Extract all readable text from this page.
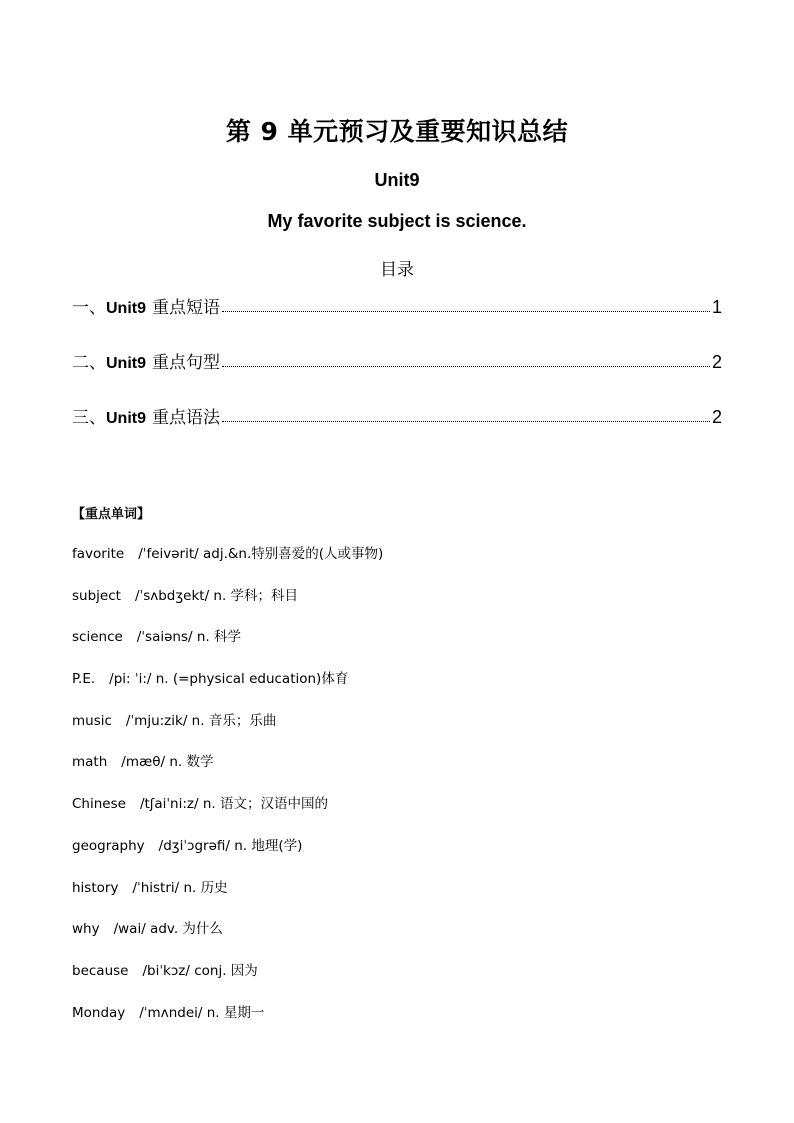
第 9 单元预习及重要知识总结
Unit9
My favorite subject is science.
目录
一、 Unit9 重点短语	1
二、 Unit9 重点句型	2
三、 Unit9 重点语法	2
【重点单词】
favorite /ˈfeivərit/ adj.&n.特别喜爱的(人或事物)
subject /ˈsʌbdʒekt/ n. 学科；科目
science /ˈsaiəns/ n. 科学
P.E. /pi: ˈi:/ n. (=physical education)体育
music /ˈmju:zik/ n. 音乐；乐曲
math /mæθ/ n. 数学
Chinese /tʃaiˈni:z/ n. 语文；汉语中国的
geography /dʒiˈɔgrəfi/ n. 地理(学)
history /ˈhistri/ n. 历史
why /wai/ adv. 为什么
because /biˈkɔz/ conj. 因为
Monday /ˈmʌndei/ n. 星期一
